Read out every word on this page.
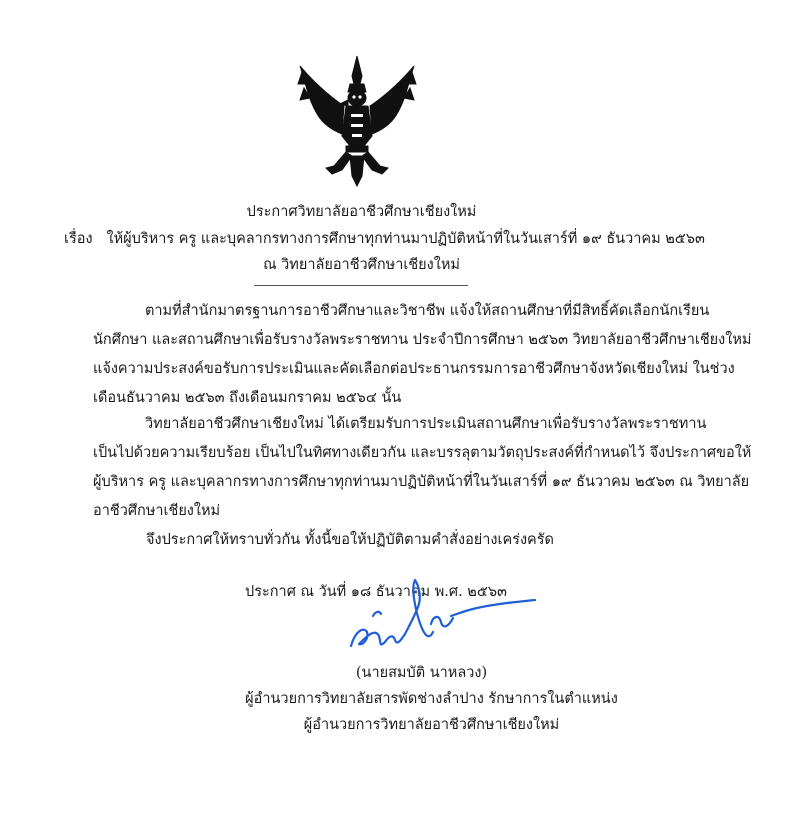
ประกาศวิทยาลัยอาชีวศึกษาเชียงใหม่
เรื่อง ให้ผู้บริหาร ครู และบุคลากรทางการศึกษาทุกท่านมาปฏิบัติหน้าที่ในวันเสาร์ที่ ๑๙ ธันวาคม ๒๕๖๓
ณ วิทยาลัยอาชีวศึกษาเชียงใหม่
ตามที่สำนักมาตรฐานการอาชีวศึกษาและวิชาชีพ แจ้งให้สถานศึกษาที่มีสิทธิ์คัดเลือกนักเรียน
นักศึกษา และสถานศึกษาเพื่อรับรางวัลพระราชทาน ประจำปีการศึกษา ๒๕๖๓ วิทยาลัยอาชีวศึกษาเชียงใหม่
แจ้งความประสงค์ขอรับการประเมินและคัดเลือกต่อประธานกรรมการอาชีวศึกษาจังหวัดเชียงใหม่ ในช่วง
เดือนธันวาคม ๒๕๖๓ ถึงเดือนมกราคม ๒๕๖๔ นั้น
วิทยาลัยอาชีวศึกษาเชียงใหม่ ได้เตรียมรับการประเมินสถานศึกษาเพื่อรับรางวัลพระราชทาน
เป็นไปด้วยความเรียบร้อย เป็นไปในทิศทางเดียวกัน และบรรลุตามวัตถุประสงค์ที่กำหนดไว้ จึงประกาศขอให้
ผู้บริหาร ครู และบุคลากรทางการศึกษาทุกท่านมาปฏิบัติหน้าที่ในวันเสาร์ที่ ๑๙ ธันวาคม ๒๕๖๓ ณ วิทยาลัย
อาชีวศึกษาเชียงใหม่
จึงประกาศให้ทราบทั่วกัน ทั้งนี้ขอให้ปฏิบัติตามคำสั่งอย่างเคร่งครัด
ประกาศ ณ วันที่ ๑๘ ธันวาคม พ.ศ. ๒๕๖๓
(นายสมบัติ นาหลวง)
ผู้อำนวยการวิทยาลัยสารพัดช่างลำปาง รักษาการในตำแหน่ง
ผู้อำนวยการวิทยาลัยอาชีวศึกษาเชียงใหม่
